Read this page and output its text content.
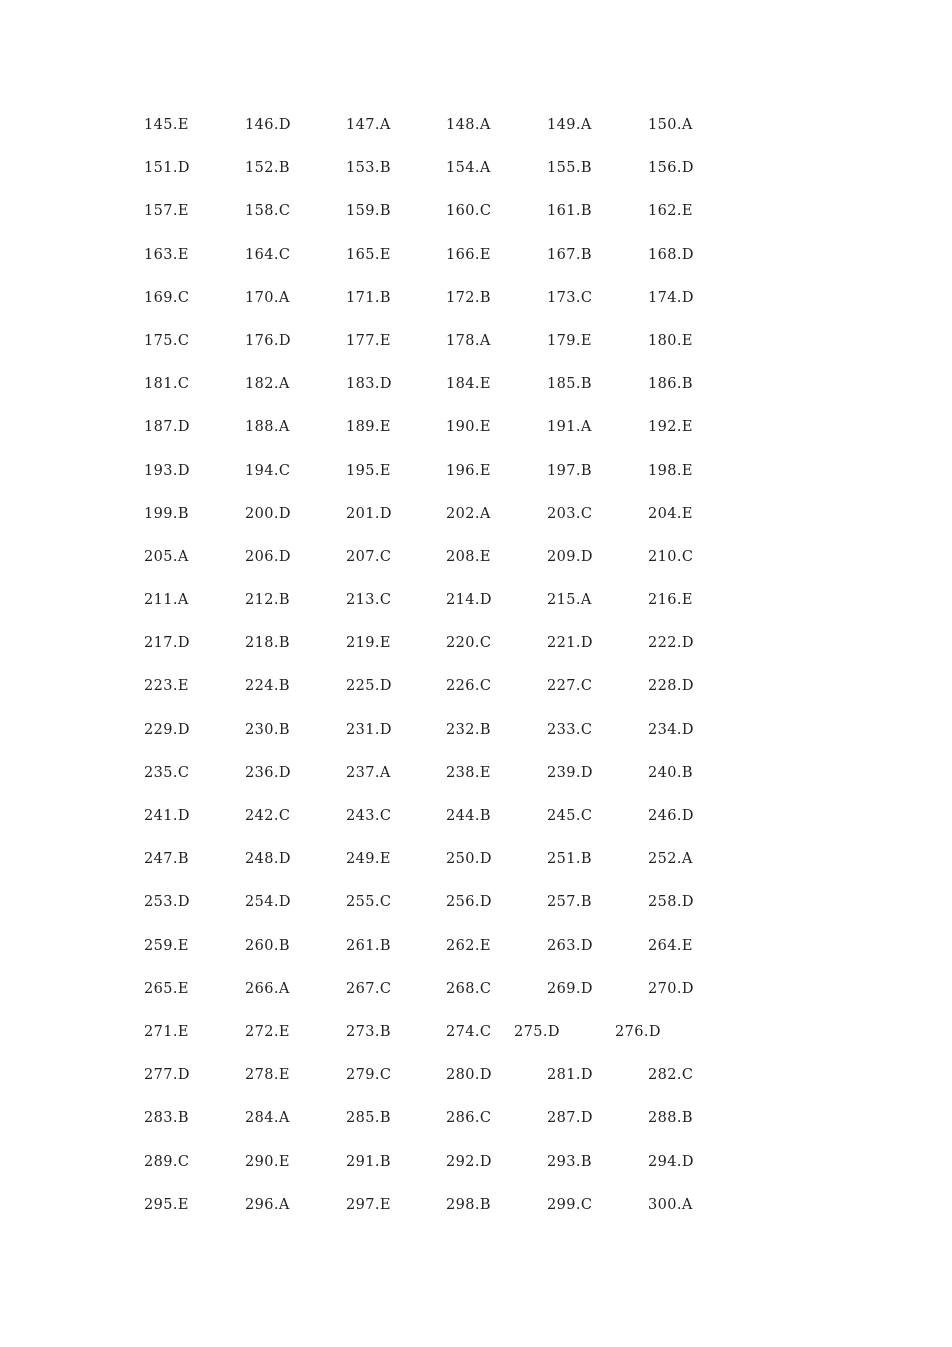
145.E	146.D	147.A	148.A	149.A	150.A
151.D	152.B	153.B	154.A	155.B	156.D
157.E	158.C	159.B	160.C	161.B	162.E
163.E	164.C	165.E	166.E	167.B	168.D
169.C	170.A	171.B	172.B	173.C	174.D
175.C	176.D	177.E	178.A	179.E	180.E
181.C	182.A	183.D	184.E	185.B	186.B
187.D	188.A	189.E	190.E	191.A	192.E
193.D	194.C	195.E	196.E	197.B	198.E
199.B	200.D	201.D	202.A	203.C	204.E
205.A	206.D	207.C	208.E	209.D	210.C
211.A	212.B	213.C	214.D	215.A	216.E
217.D	218.B	219.E	220.C	221.D	222.D
223.E	224.B	225.D	226.C	227.C	228.D
229.D	230.B	231.D	232.B	233.C	234.D
235.C	236.D	237.A	238.E	239.D	240.B
241.D	242.C	243.C	244.B	245.C	246.D
247.B	248.D	249.E	250.D	251.B	252.A
253.D	254.D	255.C	256.D	257.B	258.D
259.E	260.B	261.B	262.E	263.D	264.E
265.E	266.A	267.C	268.C	269.D	270.D
271.E	272.E	273.B	274.C 275.D	276.D
277.D	278.E	279.C	280.D	281.D	282.C
283.B	284.A	285.B	286.C	287.D	288.B
289.C	290.E	291.B	292.D	293.B	294.D
295.E	296.A	297.E	298.B	299.C	300.A
